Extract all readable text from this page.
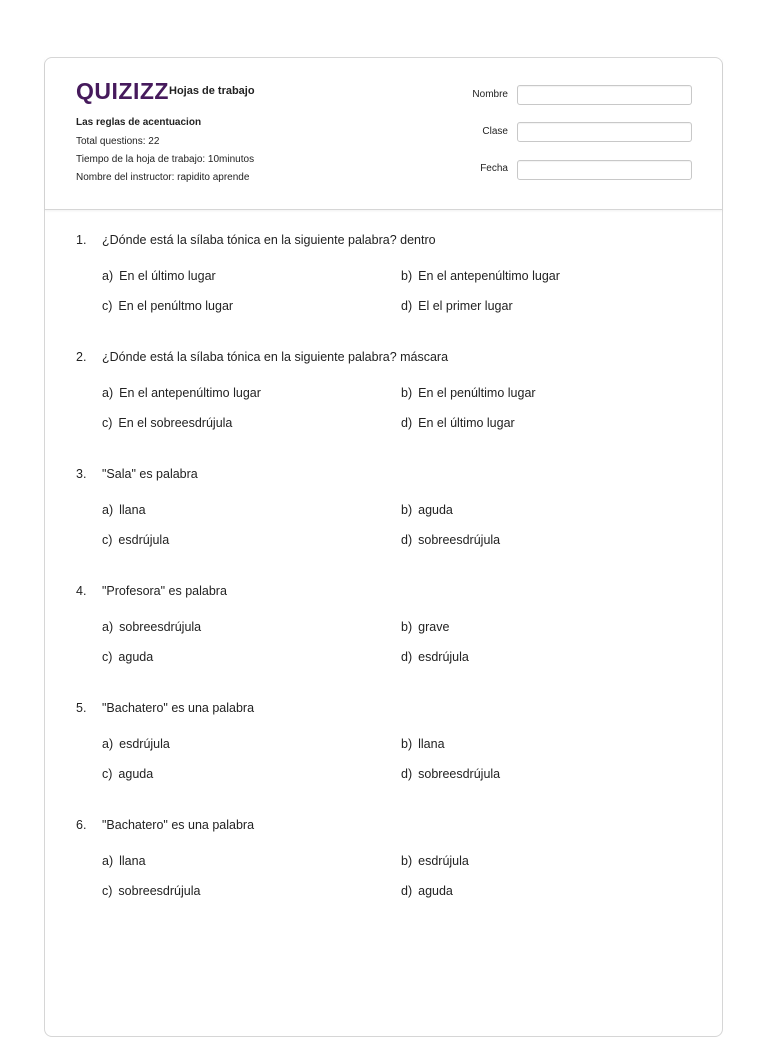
QUIZIZZ Hojas de trabajo
Las reglas de acentuacion
Total questions: 22
Tiempo de la hoja de trabajo: 10minutos
Nombre del instructor: rapidito aprende
Nombre
Clase
Fecha
1. ¿Dónde está la sílaba tónica en la siguiente palabra? dentro
a) En el último lugar	b) En el antepenúltimo lugar
c) En el penúltmo lugar	d) El el primer lugar
2. ¿Dónde está la sílaba tónica en la siguiente palabra? máscara
a) En el antepenúltimo lugar	b) En el penúltimo lugar
c) En el sobreesdrújula	d) En el último lugar
3. "Sala" es palabra
a) llana	b) aguda
c) esdrújula	d) sobreesdrújula
4. "Profesora" es palabra
a) sobreesdrújula	b) grave
c) aguda	d) esdrújula
5. "Bachatero" es una palabra
a) esdrújula	b) llana
c) aguda	d) sobreesdrújula
6. "Bachatero" es una palabra
a) llana	b) esdrújula
c) sobreesdrújula	d) aguda
